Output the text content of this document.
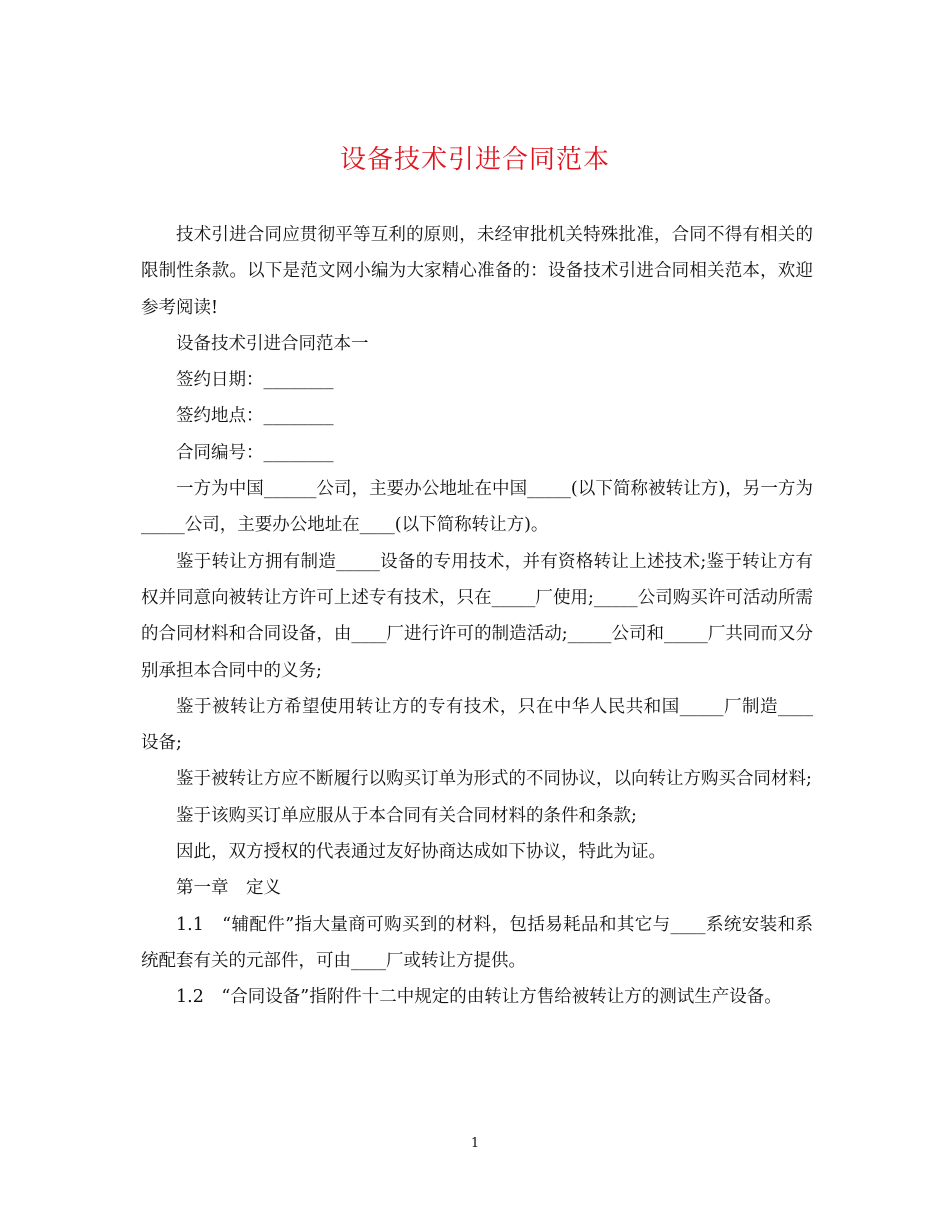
设备技术引进合同范本

技术引进合同应贯彻平等互利的原则，未经审批机关特殊批准，合同不得有相关的限制性条款。以下是范文网小编为大家精心准备的：设备技术引进合同相关范本，欢迎参考阅读!

设备技术引进合同范本一

签约日期：________

签约地点：________

合同编号：________

一方为中国______公司，主要办公地址在中国_____(以下简称被转让方)，另一方为_____公司，主要办公地址在____(以下简称转让方)。

鉴于转让方拥有制造_____设备的专用技术，并有资格转让上述技术;鉴于转让方有权并同意向被转让方许可上述专有技术，只在_____厂使用;_____公司购买许可活动所需的合同材料和合同设备，由____厂进行许可的制造活动;_____公司和_____厂共同而又分别承担本合同中的义务;

鉴于被转让方希望使用转让方的专有技术，只在中华人民共和国_____厂制造____设备;

鉴于被转让方应不断履行以购买订单为形式的不同协议，以向转让方购买合同材料;

鉴于该购买订单应服从于本合同有关合同材料的条件和条款;

因此，双方授权的代表通过友好协商达成如下协议，特此为证。

第一章　定义

1.1　“辅配件”指大量商可购买到的材料，包括易耗品和其它与____系统安装和系统配套有关的元部件，可由____厂或转让方提供。

1.2　“合同设备”指附件十二中规定的由转让方售给被转让方的测试生产设备。

1
